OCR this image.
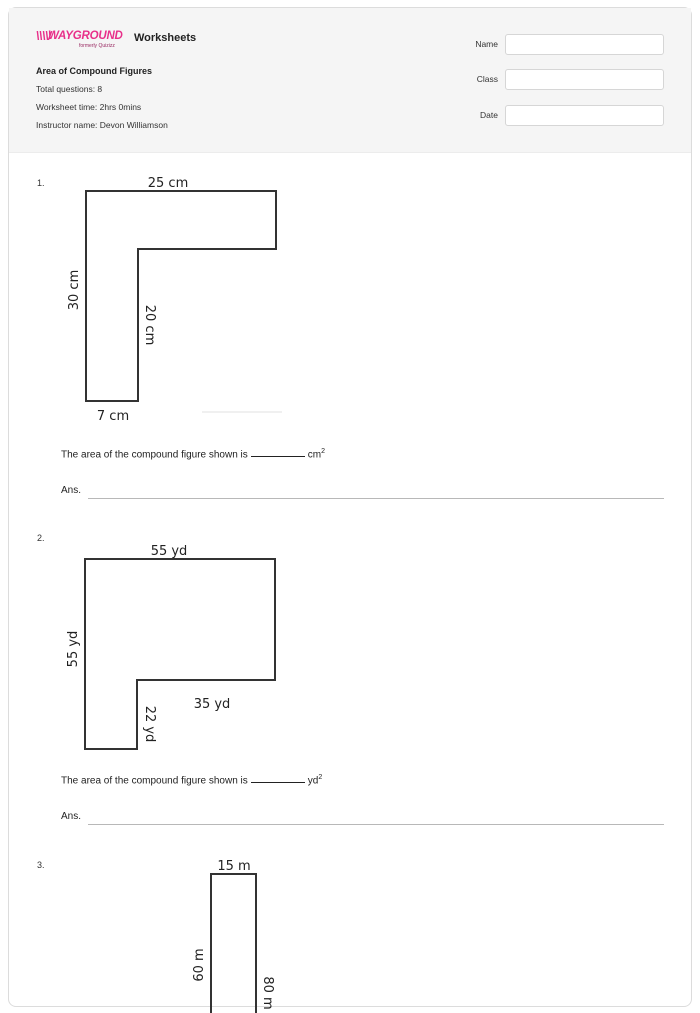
\\\\/
WAYGROUND
formerly Quizizz
Worksheets
Area of Compound Figures
Total questions: 8
Worksheet time: 2hrs 0mins
Instructor name: Devon Williamson
Name
Class
Date
1.	25 cm
30 cm
20 cm
7 cm
The area of the compound figure shown is	$cm^2$
Ans.
2.
55 yd
55 yd
35 yd
22 yd
The area of the compound figure shown is	$yd^2$
Ans.
3.	15 m
60 m
80 m
